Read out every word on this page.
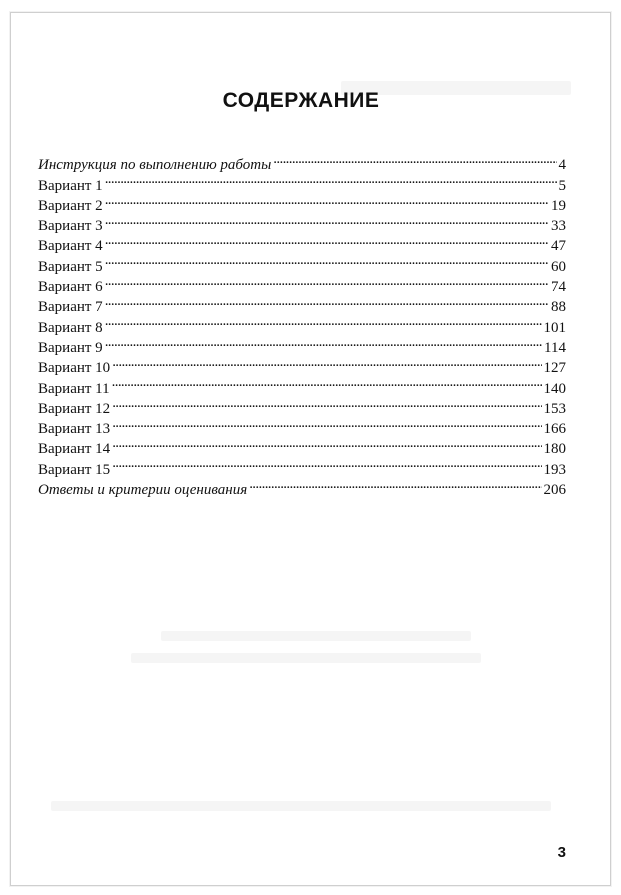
СОДЕРЖАНИЕ
Инструкция по выполнению работы . . .	4
Вариант 1 . . .	5
Вариант 2 . . .	19
Вариант 3 . . .	33
Вариант 4 . . .	47
Вариант 5 . . .	60
Вариант 6 . . .	74
Вариант 7 . . .	88
Вариант 8 . . .	101
Вариант 9 . . .	114
Вариант 10 . . .	127
Вариант 11 . . .	140
Вариант 12 . . .	153
Вариант 13 . . .	166
Вариант 14 . . .	180
Вариант 15 . . .	193
Ответы и критерии оценивания . . .	206
3
